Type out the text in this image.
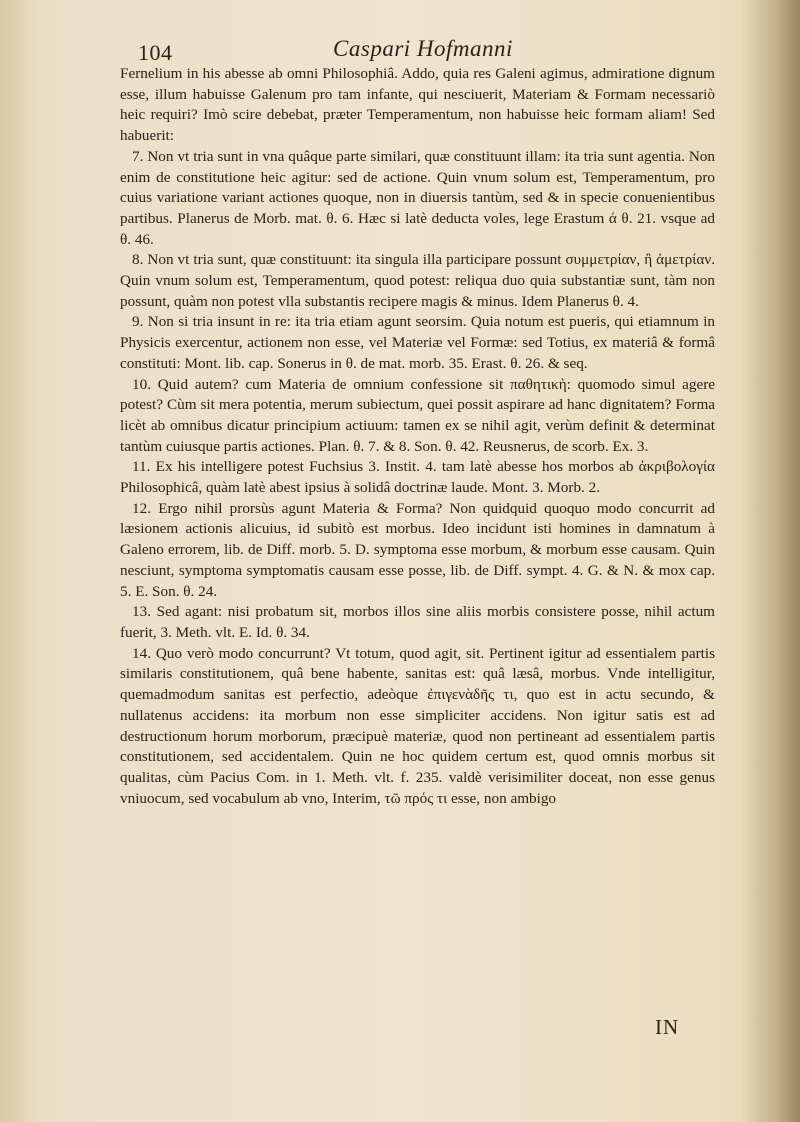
104	Caspari Hofmanni

Fernelium in his abesse ab omni Philosophiâ. Addo, quia res Galeni agimus, admiratione dignum esse, illum habuisse Galenum pro tam infante, qui nesciuerit, Materiam & Formam necessariò heic requiri? Imò scire debebat, præter Temperamentum, non habuisse heic formam aliam! Sed habuerit:

7. Non vt tria sunt in vna quâque parte similari, quæ constituunt illam: ita tria sunt agentia. Non enim de constitutione heic agitur: sed de actione. Quin vnum solum est, Temperamentum, pro cuius variatione variant actiones quoque, non in diuersis tantùm, sed & in specie conuenientibus partibus. Planerus de Morb. mat. θ. 6. Hæc si latè deducta voles, lege Erastum ά θ. 21. vsque ad θ. 46.

8. Non vt tria sunt, quæ constituunt: ita singula illa participare possunt συμμετρίαν, ἢ ἀμετρίαν. Quin vnum solum est, Temperamentum, quod potest: reliqua duo quia substantiæ sunt, tàm non possunt, quàm non potest vlla substantis recipere magis & minus. Idem Planerus θ. 4.

9. Non si tria insunt in re: ita tria etiam agunt seorsim. Quia notum est pueris, qui etiamnum in Physicis exercentur, actionem non esse, vel Materiæ vel Formæ: sed Totius, ex materiâ & formâ constituti: Mont. lib. cap. Sonerus in θ. de mat. morb. 35. Erast. θ. 26. & seq.

10. Quid autem? cum Materia de omnium confessione sit παθητικὴ: quomodo simul agere potest? Cùm sit mera potentia, merum subiectum, quei possit aspirare ad hanc dignitatem? Forma licèt ab omnibus dicatur principium actiuum: tamen ex se nihil agit, verùm definit & determinat tantùm cuiusque partis actiones. Plan. θ. 7. & 8. Son. θ. 42. Reusnerus, de scorb. Ex. 3.

11. Ex his intelligere potest Fuchsius 3. Instit. 4. tam latè abesse hos morbos ab ἀκριβολογία Philosophicâ, quàm latè abest ipsius à solidâ doctrinæ laude. Mont. 3. Morb. 2.

12. Ergo nihil prorsùs agunt Materia & Forma? Non quidquid quoquo modo concurrit ad læsionem actionis alicuius, id subitò est morbus. Ideo incidunt isti homines in damnatum à Galeno errorem, lib. de Diff. morb. 5. D. symptoma esse morbum, & morbum esse causam. Quin nesciunt, symptoma symptomatis causam esse posse, lib. de Diff. sympt. 4. G. & N. & mox cap. 5. E. Son. θ. 24.

13. Sed agant: nisi probatum sit, morbos illos sine aliis morbis consistere posse, nihil actum fuerit, 3. Meth. vlt. E. Id. θ. 34.

14. Quo verò modo concurrunt? Vt totum, quod agit, sit. Pertinent igitur ad essentialem partis similaris constitutionem, quâ bene habente, sanitas est: quâ læsâ, morbus. Vnde intelligitur, quemadmodum sanitas est perfectio, adeòque ἐπιγενὰδῆς τι, quo est in actu secundo, & nullatenus accidens: ita morbum non esse simpliciter accidens. Non igitur satis est ad destructionum horum morborum, præcipuè materiæ, quod non pertineant ad essentialem partis constitutionem, sed accidentalem. Quin ne hoc quidem certum est, quod omnis morbus sit qualitas, cùm Pacius Com. in 1. Meth. vlt. f. 235. valdè verisimiliter doceat, non esse genus vniuocum, sed vocabulum ab vno, Interim, τῶ πρός τι esse, non ambigo

IN
